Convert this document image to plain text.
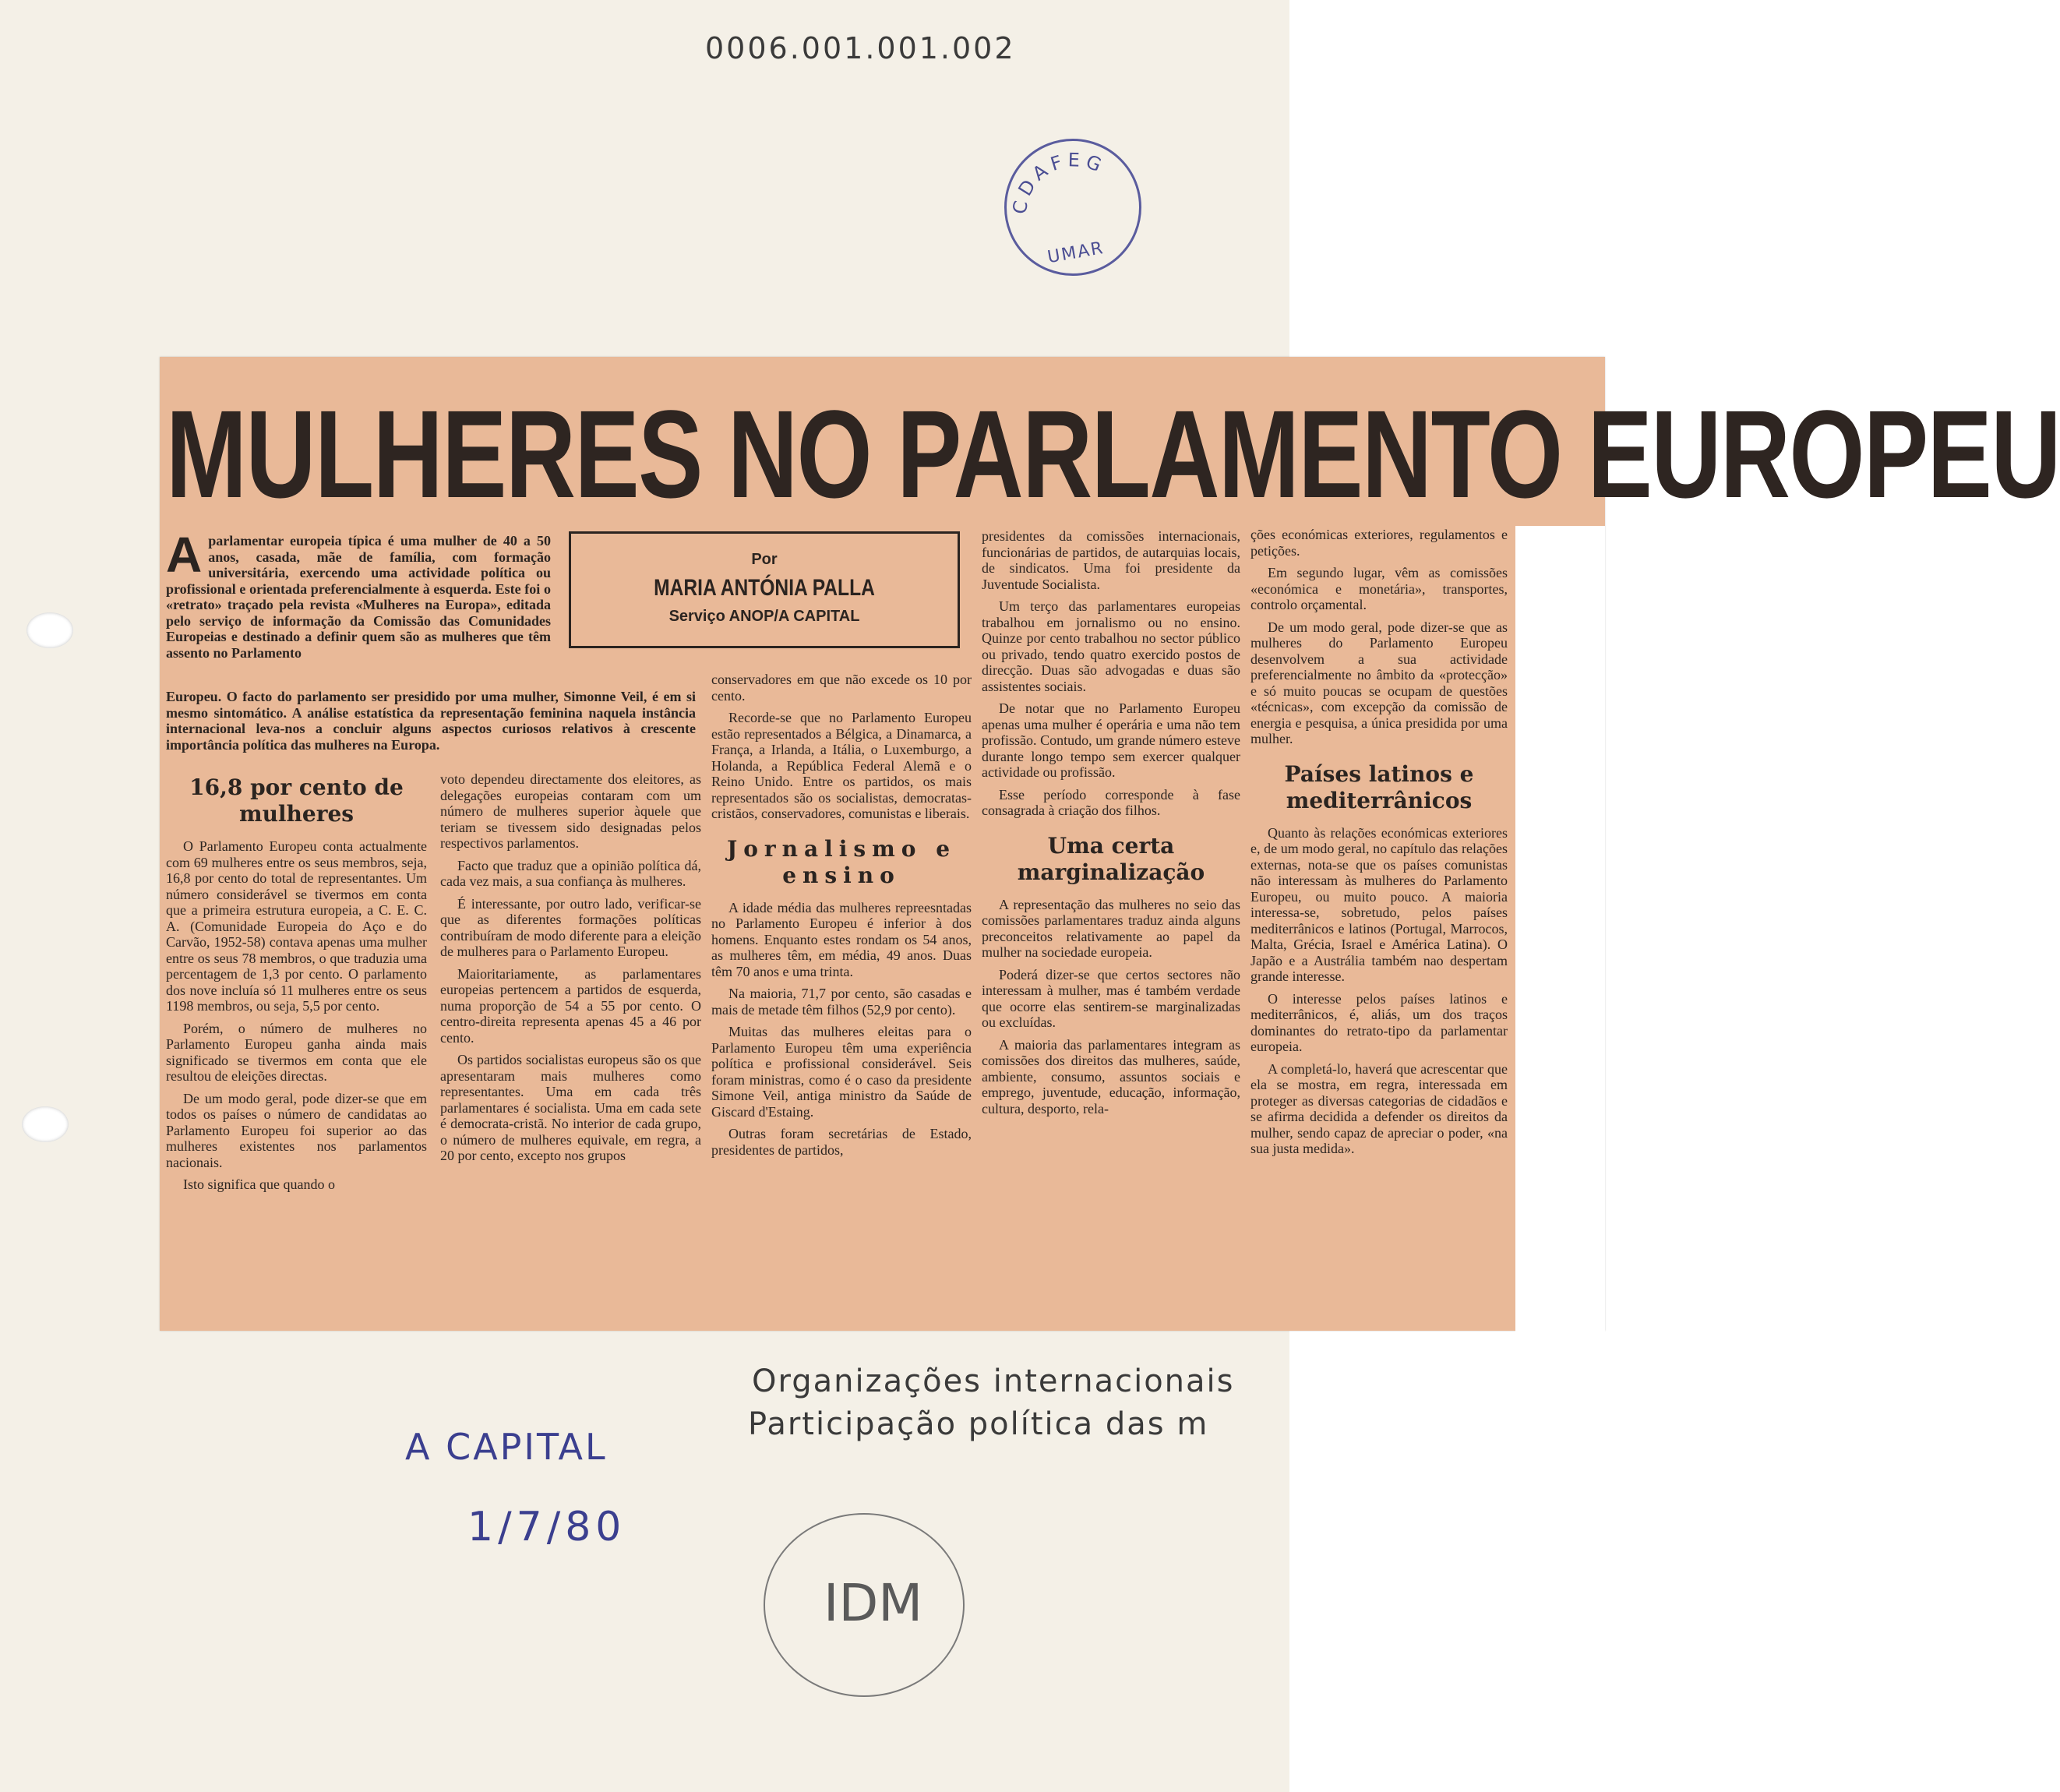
0006.001.001.002
CDAFEG
UMAR
MULHERES NO PARLAMENTO EUROPEU
Aparlamentar europeia típica é uma mulher de 40 a 50 anos, casada, mãe de família, com formação universitária, exercendo uma actividade política ou profissional e orientada preferencialmente à esquerda. Este foi o «retrato» traçado pela revista «Mulheres na Europa», editada pelo serviço de informação da Comissão das Comunidades Europeias e destinado a definir quem são as mulheres que têm assento no Parlamento
Europeu. O facto do parlamento ser presidido por uma mulher, Simonne Veil, é em si mesmo sintomático. A análise estatística da representação feminina naquela instância internacional leva-nos a concluir alguns aspectos curiosos relativos à crescente importância política das mulheres na Europa.
16,8 por cento de mulheres

O Parlamento Europeu conta actualmente com 69 mulheres entre os seus membros, seja, 16,8 por cento do total de representantes. Um número considerável se tivermos em conta que a primeira estrutura europeia, a C. E. C. A. (Comunidade Europeia do Aço e do Carvão, 1952-58) contava apenas uma mulher entre os seus 78 membros, o que traduzia uma percentagem de 1,3 por cento. O parlamento dos nove incluía só 11 mulheres entre os seus 1198 membros, ou seja, 5,5 por cento.

Porém, o número de mulheres no Parlamento Europeu ganha ainda mais significado se tivermos em conta que ele resultou de eleições directas.

De um modo geral, pode dizer-se que em todos os países o número de candidatas ao Parlamento Europeu foi superior ao das mulheres existentes nos parlamentos nacionais.

Isto significa que quando o

voto dependeu directamente dos eleitores, as delegações europeias contaram com um número de mulheres superior àquele que teriam se tivessem sido designadas pelos respectivos parlamentos.

Facto que traduz que a opinião política dá, cada vez mais, a sua confiança às mulheres.

É interessante, por outro lado, verificar-se que as diferentes formações políticas contribuíram de modo diferente para a eleição de mulheres para o Parlamento Europeu.

Maioritariamente, as parlamentares europeias pertencem a partidos de esquerda, numa proporção de 54 a 55 por cento. O centro-direita representa apenas 45 a 46 por cento.

Os partidos socialistas europeus são os que apresentaram mais mulheres como representantes. Uma em cada três parlamentares é socialista. Uma em cada sete é democrata-cristã. No interior de cada grupo, o número de mulheres equivale, em regra, a 20 por cento, excepto nos grupos

conservadores em que não excede os 10 por cento.

Recorde-se que no Parlamento Europeu estão representados a Bélgica, a Dinamarca, a França, a Irlanda, a Itália, o Luxemburgo, a Holanda, a República Federal Alemã e o Reino Unido. Entre os partidos, os mais representados são os socialistas, democratas-cristãos, conservadores, comunistas e liberais.

Jornalismo e ensino

A idade média das mulheres repreesntadas no Parlamento Europeu é inferior à dos homens. Enquanto estes rondam os 54 anos, as mulheres têm, em média, 49 anos. Duas têm 70 anos e uma trinta.

Na maioria, 71,7 por cento, são casadas e mais de metade têm filhos (52,9 por cento).

Muitas das mulheres eleitas para o Parlamento Europeu têm uma experiência política e profissional considerável. Seis foram ministras, como é o caso da presidente Simone Veil, antiga ministro da Saúde de Giscard d'Estaing.

Outras foram secretárias de Estado, presidentes de partidos,

presidentes da comissões internacionais, funcionárias de partidos, de autarquias locais, de sindicatos. Uma foi presidente da Juventude Socialista.

Um terço das parlamentares europeias trabalhou em jornalismo ou no ensino. Quinze por cento trabalhou no sector público ou privado, tendo quatro exercido postos de direcção. Duas são advogadas e duas são assistentes sociais.

De notar que no Parlamento Europeu apenas uma mulher é operária e uma não tem profissão. Contudo, um grande número esteve durante longo tempo sem exercer qualquer actividade ou profissão.

Esse período corresponde à fase consagrada à criação dos filhos.

Uma certa marginalização

A representação das mulheres no seio das comissões parlamentares traduz ainda alguns preconceitos relativamente ao papel da mulher na sociedade europeia.

Poderá dizer-se que certos sectores não interessam à mulher, mas é também verdade que ocorre elas sentirem-se marginalizadas ou excluídas.

A maioria das parlamentares integram as comissões dos direitos das mulheres, saúde, ambiente, consumo, assuntos sociais e emprego, juventude, educação, informação, cultura, desporto, rela-

ções económicas exteriores, regulamentos e petições.

Em segundo lugar, vêm as comissões «económica e monetária», transportes, controlo orçamental.

De um modo geral, pode dizer-se que as mulheres do Parlamento Europeu desenvolvem a sua actividade preferencialmente no âmbito da «protecção» e só muito poucas se ocupam de questões «técnicas», com excepção da comissão de energia e pesquisa, a única presidida por uma mulher.

Países latinos e mediterrânicos

Quanto às relações económicas exteriores e, de um modo geral, no capítulo das relações externas, nota-se que os países comunistas não interessam às mulheres do Parlamento Europeu, ou muito pouco. A maioria interessa-se, sobretudo, pelos países mediterrânicos e latinos (Portugal, Marrocos, Malta, Grécia, Israel e América Latina). O Japão e a Austrália também nao despertam grande interesse.

O interesse pelos países latinos e mediterrânicos, é, aliás, um dos traços dominantes do retrato-tipo da parlamentar europeia.

A completá-lo, haverá que acrescentar que ela se mostra, em regra, interessada em proteger as diversas categorias de cidadãos e se afirma decidida a defender os direitos da mulher, sendo capaz de apreciar o poder, «na sua justa medida».

Por
MARIA ANTÓNIA PALLA
Serviço ANOP/A CAPITAL
Organizações internacionais
Participação política das m
A CAPITAL
1/7/80
IDM
